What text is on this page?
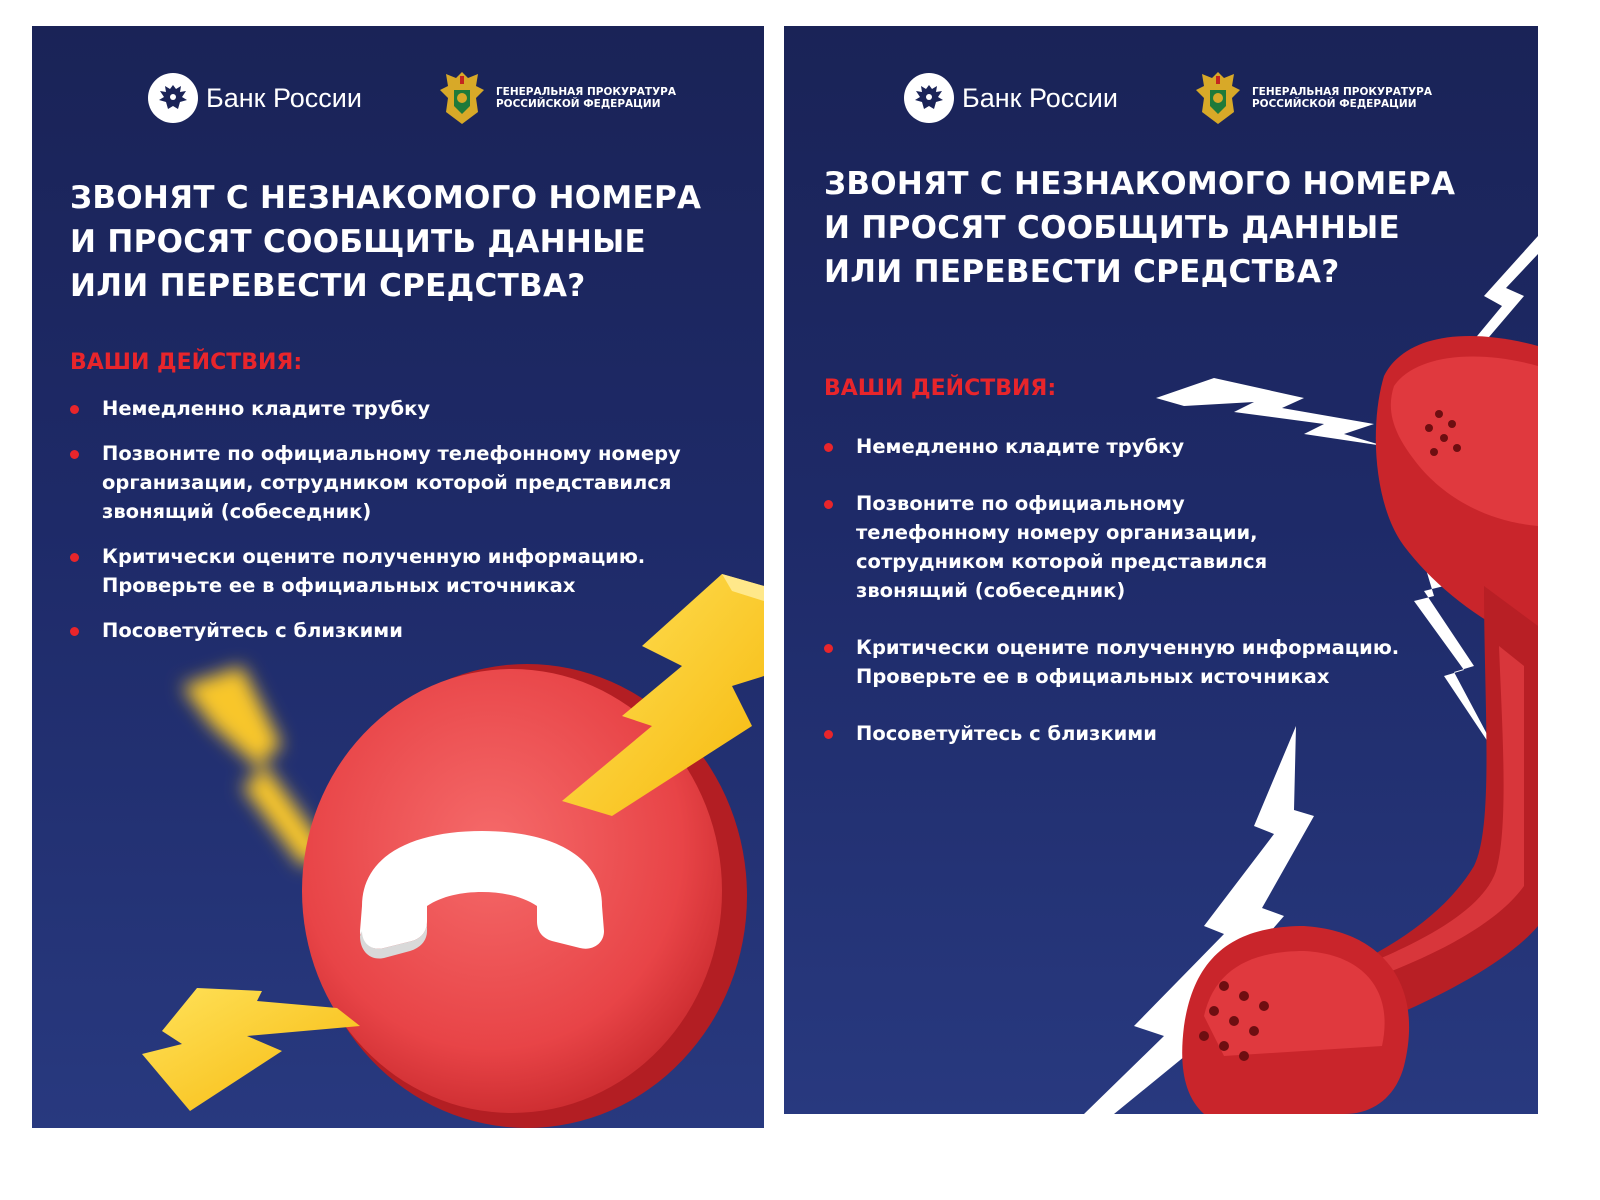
Банк России	ГЕНЕРАЛЬНАЯ ПРОКУРАТУРА
РОССИЙСКОЙ ФЕДЕРАЦИИ
ЗВОНЯТ С НЕЗНАКОМОГО НОМЕРА
И ПРОСЯТ СООБЩИТЬ ДАННЫЕ
ИЛИ ПЕРЕВЕСТИ СРЕДСТВА?
ВАШИ ДЕЙСТВИЯ:
Немедленно кладите трубку
Позвоните по официальному телефонному номеру
организации, сотрудником которой представился
звонящий (собеседник)
Критически оцените полученную информацию.
Проверьте ее в официальных источниках
Посоветуйтесь с близкими
Банк России	ГЕНЕРАЛЬНАЯ ПРОКУРАТУРА
РОССИЙСКОЙ ФЕДЕРАЦИИ
ЗВОНЯТ С НЕЗНАКОМОГО НОМЕРА
И ПРОСЯТ СООБЩИТЬ ДАННЫЕ
ИЛИ ПЕРЕВЕСТИ СРЕДСТВА?
ВАШИ ДЕЙСТВИЯ:
Немедленно кладите трубку
Позвоните по официальному
телефонному номеру организации,
сотрудником которой представился
звонящий (собеседник)
Критически оцените полученную информацию.
Проверьте ее в официальных источниках
Посоветуйтесь с близкими
